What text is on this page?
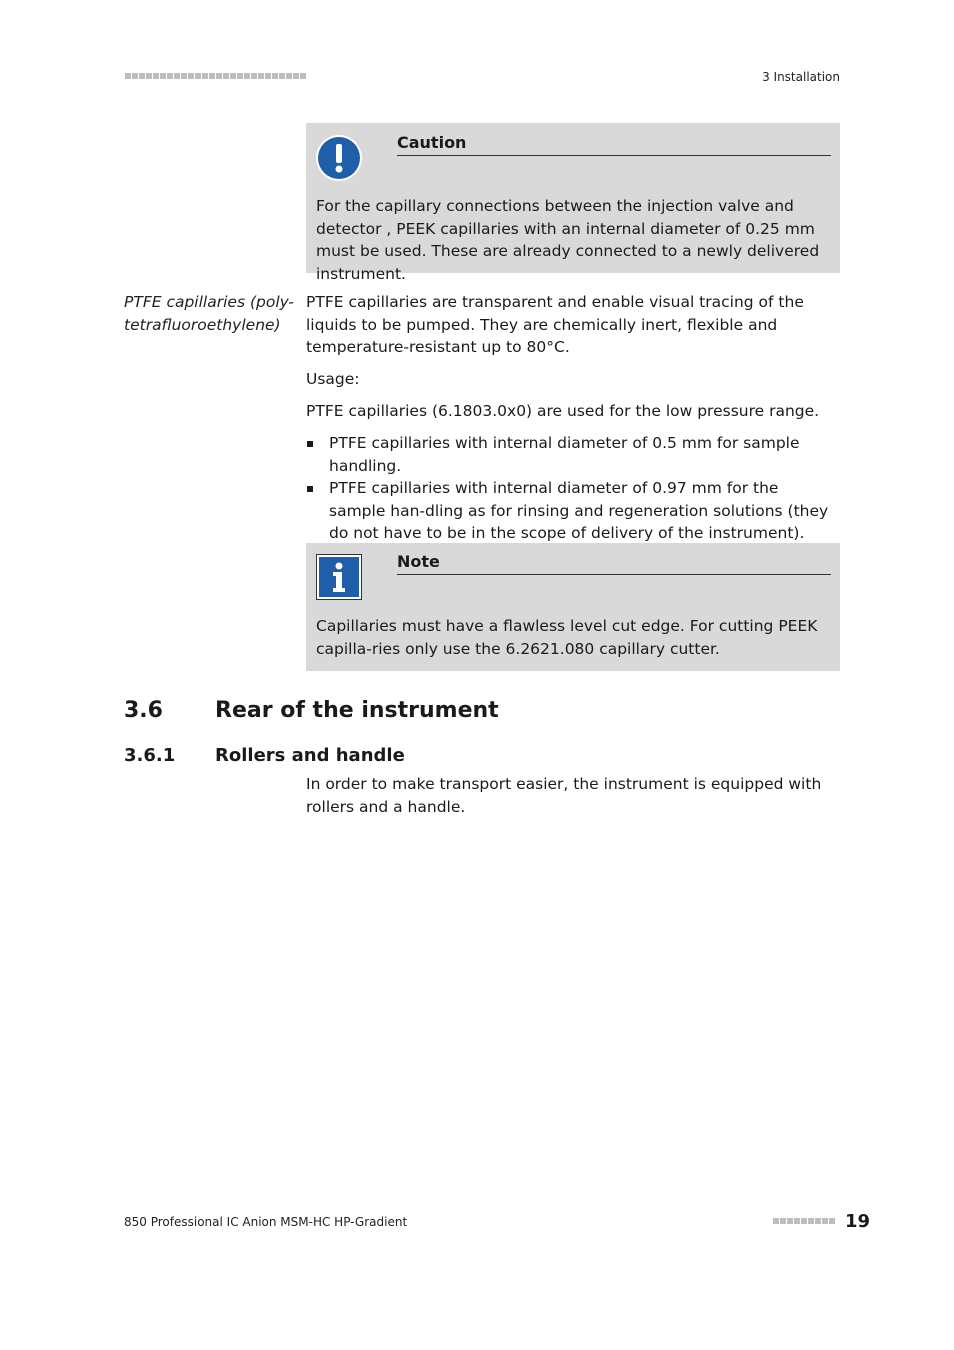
3 Installation
Caution
For the capillary connections between the injection valve and detector , PEEK capillaries with an internal diameter of 0.25 mm must be used. These are already connected to a newly delivered instrument.
PTFE capillaries (poly-tetrafluoroethylene)
PTFE capillaries are transparent and enable visual tracing of the liquids to be pumped. They are chemically inert, flexible and temperature-resistant up to 80°C.
Usage:
PTFE capillaries (6.1803.0x0) are used for the low pressure range.
PTFE capillaries with internal diameter of 0.5 mm for sample handling.
PTFE capillaries with internal diameter of 0.97 mm for the sample han-dling as for rinsing and regeneration solutions (they do not have to be in the scope of delivery of the instrument).
Note
Capillaries must have a flawless level cut edge. For cutting PEEK capilla-ries only use the 6.2621.080 capillary cutter.
3.6 Rear of the instrument
3.6.1 Rollers and handle
In order to make transport easier, the instrument is equipped with rollers and a handle.
850 Professional IC Anion MSM-HC HP-Gradient	19
